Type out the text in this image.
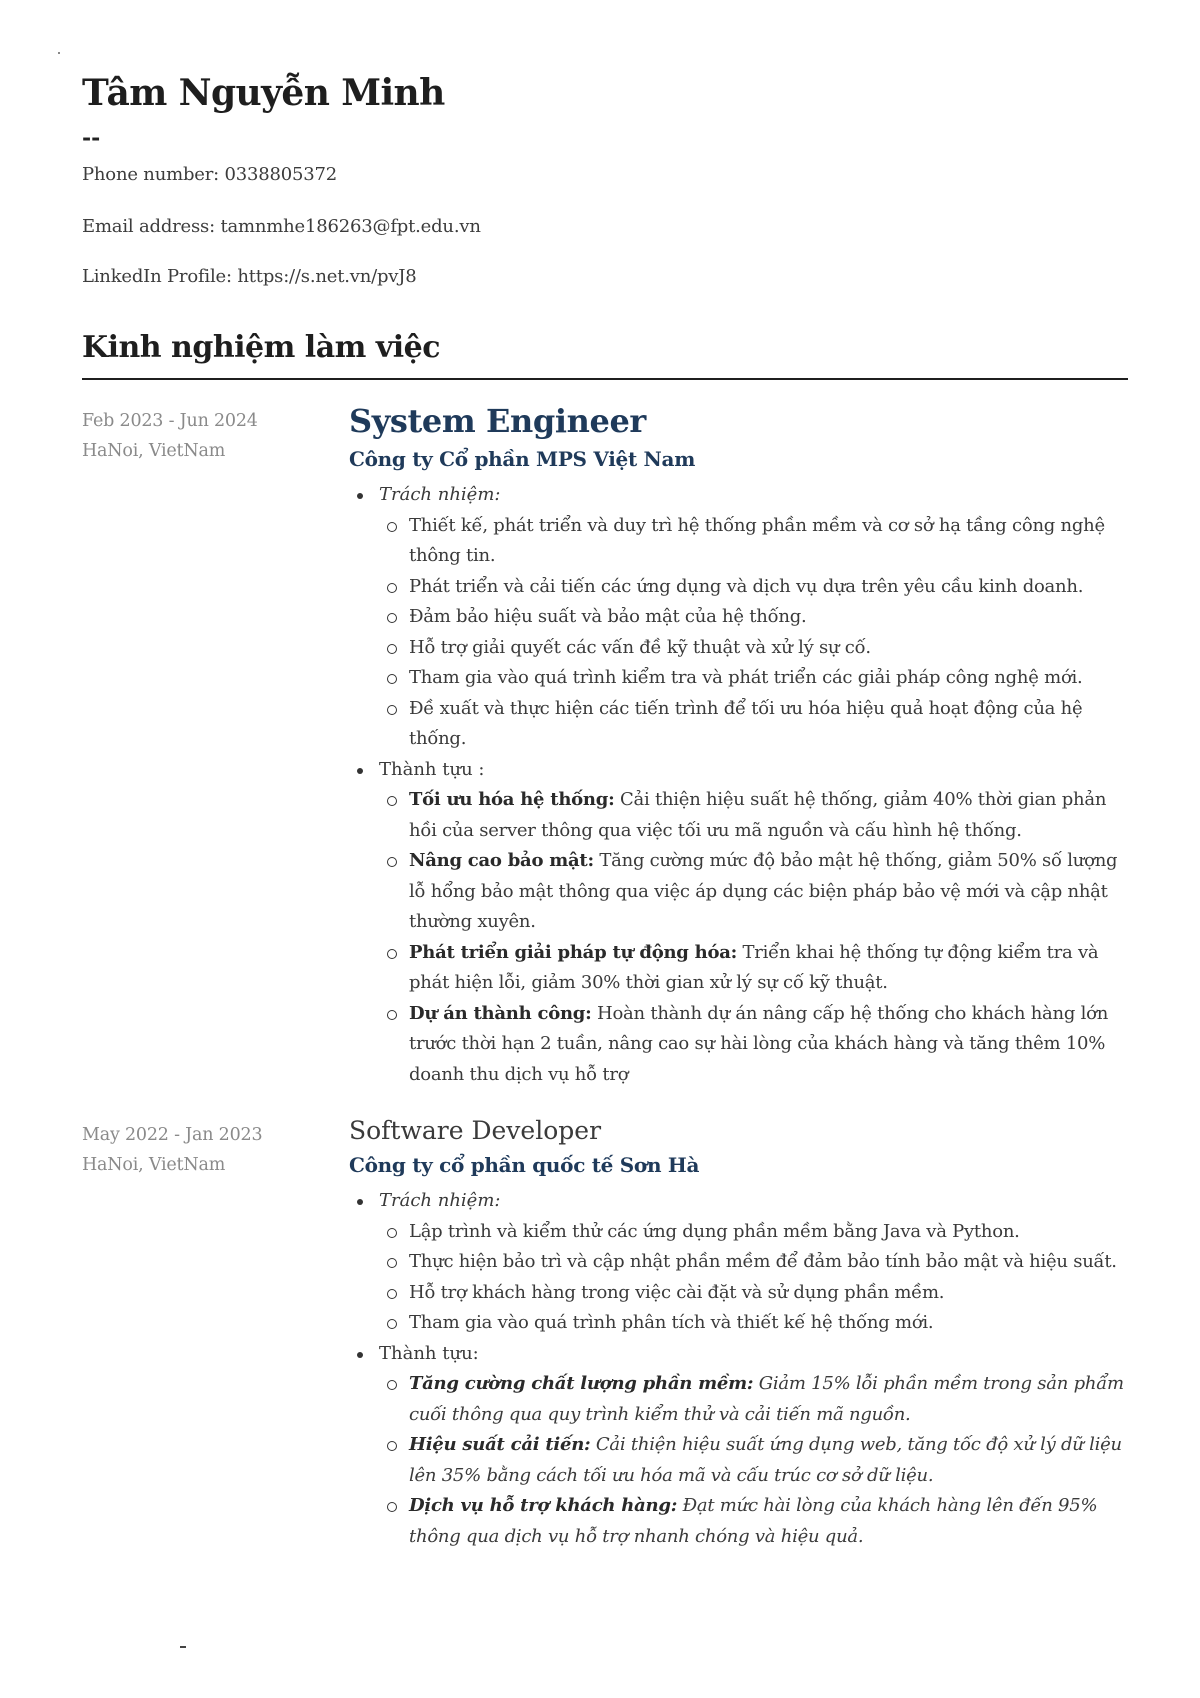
Tâm Nguyễn Minh
--
Phone number: 0338805372
Email address: tamnmhe186263@fpt.edu.vn
LinkedIn Profile: https://s.net.vn/pvJ8
Kinh nghiệm làm việc
Feb 2023 - Jun 2024
HaNoi, VietNam
System Engineer
Công ty Cổ phần MPS Việt Nam
Trách nhiệm:
Thiết kế, phát triển và duy trì hệ thống phần mềm và cơ sở hạ tầng công nghệ thông tin.
Phát triển và cải tiến các ứng dụng và dịch vụ dựa trên yêu cầu kinh doanh.
Đảm bảo hiệu suất và bảo mật của hệ thống.
Hỗ trợ giải quyết các vấn đề kỹ thuật và xử lý sự cố.
Tham gia vào quá trình kiểm tra và phát triển các giải pháp công nghệ mới.
Đề xuất và thực hiện các tiến trình để tối ưu hóa hiệu quả hoạt động của hệ thống.
Thành tựu :
Tối ưu hóa hệ thống: Cải thiện hiệu suất hệ thống, giảm 40% thời gian phản hồi của server thông qua việc tối ưu mã nguồn và cấu hình hệ thống.
Nâng cao bảo mật: Tăng cường mức độ bảo mật hệ thống, giảm 50% số lượng lỗ hổng bảo mật thông qua việc áp dụng các biện pháp bảo vệ mới và cập nhật thường xuyên.
Phát triển giải pháp tự động hóa: Triển khai hệ thống tự động kiểm tra và phát hiện lỗi, giảm 30% thời gian xử lý sự cố kỹ thuật.
Dự án thành công: Hoàn thành dự án nâng cấp hệ thống cho khách hàng lớn trước thời hạn 2 tuần, nâng cao sự hài lòng của khách hàng và tăng thêm 10% doanh thu dịch vụ hỗ trợ
May 2022 - Jan 2023
HaNoi, VietNam
Software Developer
Công ty cổ phần quốc tế Sơn Hà
Trách nhiệm:
Lập trình và kiểm thử các ứng dụng phần mềm bằng Java và Python.
Thực hiện bảo trì và cập nhật phần mềm để đảm bảo tính bảo mật và hiệu suất.
Hỗ trợ khách hàng trong việc cài đặt và sử dụng phần mềm.
Tham gia vào quá trình phân tích và thiết kế hệ thống mới.
Thành tựu:
Tăng cường chất lượng phần mềm: Giảm 15% lỗi phần mềm trong sản phẩm cuối thông qua quy trình kiểm thử và cải tiến mã nguồn.
Hiệu suất cải tiến: Cải thiện hiệu suất ứng dụng web, tăng tốc độ xử lý dữ liệu lên 35% bằng cách tối ưu hóa mã và cấu trúc cơ sở dữ liệu.
Dịch vụ hỗ trợ khách hàng: Đạt mức hài lòng của khách hàng lên đến 95% thông qua dịch vụ hỗ trợ nhanh chóng và hiệu quả.
